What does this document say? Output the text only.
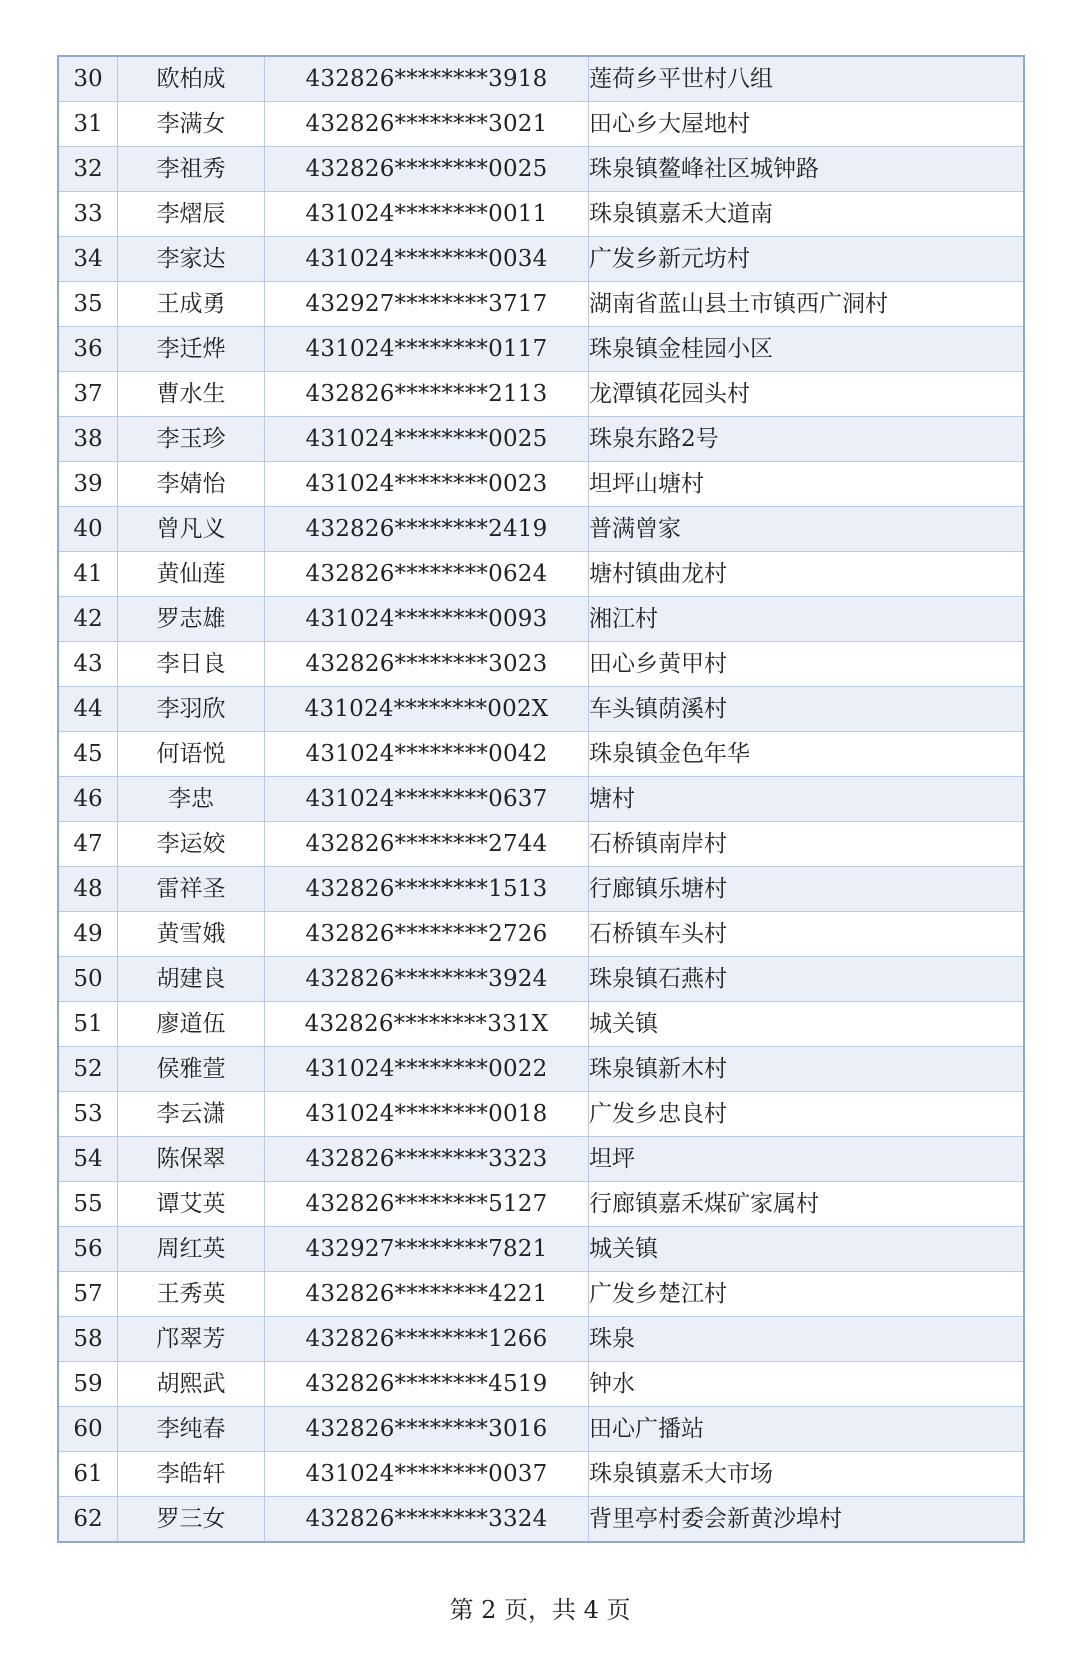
30	欧柏成	432826********3918	莲荷乡平世村八组
31	李满女	432826********3021	田心乡大屋地村
32	李祖秀	432826********0025	珠泉镇鳌峰社区城钟路
33	李熠辰	431024********0011	珠泉镇嘉禾大道南
34	李家达	431024********0034	广发乡新元坊村
35	王成勇	432927********3717	湖南省蓝山县土市镇西广洞村
36	李迁烨	431024********0117	珠泉镇金桂园小区
37	曹水生	432826********2113	龙潭镇花园头村
38	李玉珍	431024********0025	珠泉东路2号
39	李婧怡	431024********0023	坦坪山塘村
40	曾凡义	432826********2419	普满曾家
41	黄仙莲	432826********0624	塘村镇曲龙村
42	罗志雄	431024********0093	湘江村
43	李日良	432826********3023	田心乡黄甲村
44	李羽欣	431024********002X	车头镇荫溪村
45	何语悦	431024********0042	珠泉镇金色年华
46	李忠	431024********0637	塘村
47	李运姣	432826********2744	石桥镇南岸村
48	雷祥圣	432826********1513	行廊镇乐塘村
49	黄雪娥	432826********2726	石桥镇车头村
50	胡建良	432826********3924	珠泉镇石燕村
51	廖道伍	432826********331X	城关镇
52	侯雅萱	431024********0022	珠泉镇新木村
53	李云潇	431024********0018	广发乡忠良村
54	陈保翠	432826********3323	坦坪
55	谭艾英	432826********5127	行廊镇嘉禾煤矿家属村
56	周红英	432927********7821	城关镇
57	王秀英	432826********4221	广发乡楚江村
58	邝翠芳	432826********1266	珠泉
59	胡熙武	432826********4519	钟水
60	李纯春	432826********3016	田心广播站
61	李皓轩	431024********0037	珠泉镇嘉禾大市场
62	罗三女	432826********3324	背里亭村委会新黄沙埠村
第 2 页，共 4 页
